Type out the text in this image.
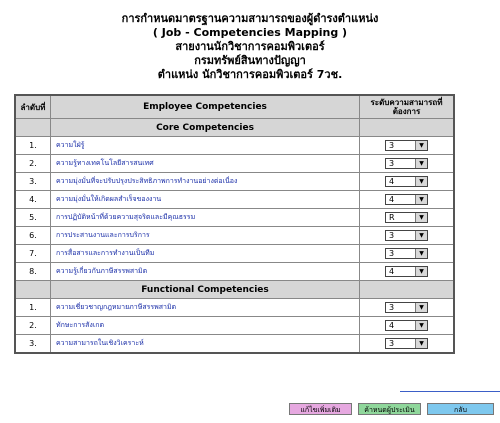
การกำหนดมาตรฐานความสามารถของผู้ดำรงตำแหน่ง
( Job - Competencies Mapping )
สายงานนักวิชาการคอมพิวเตอร์
กรมทรัพย์สินทางปัญญา
ตำแหน่ง นักวิชาการคอมพิวเตอร์ 7วช.
ลำดับที่	Employee Competencies	ระดับความสามารถที่ต้องการ
	Core Competencies	
1.	ความใฝ่รู้	3 ▼

2.	ความรู้ทางเทคโนโลยีสารสนเทศ	3 ▼

3.	ความมุ่งมั่นที่จะปรับปรุงประสิทธิภาพการทำงานอย่างต่อเนื่อง	4 ▼

4.	ความมุ่งมั่นให้เกิดผลสำเร็จของงาน	4 ▼

5.	การปฏิบัติหน้าที่ด้วยความสุจริตและมีคุณธรรม	R ▼

6.	การประสานงานและการบริการ	3 ▼

7.	การสื่อสารและการทำงานเป็นทีม	3 ▼

8.	ความรู้เกี่ยวกับภาษีสรรพสามิต	4 ▼

	Functional Competencies	
1.	ความเชี่ยวชาญกฎหมายภาษีสรรพสามิต	3 ▼

2.	ทักษะการสังเกต	4 ▼

3.	ความสามารถในเชิงวิเคราะห์	3 ▼
แก้ไขเพิ่มเติม	ค้าหนดผู้ประเมิน	กลับ
